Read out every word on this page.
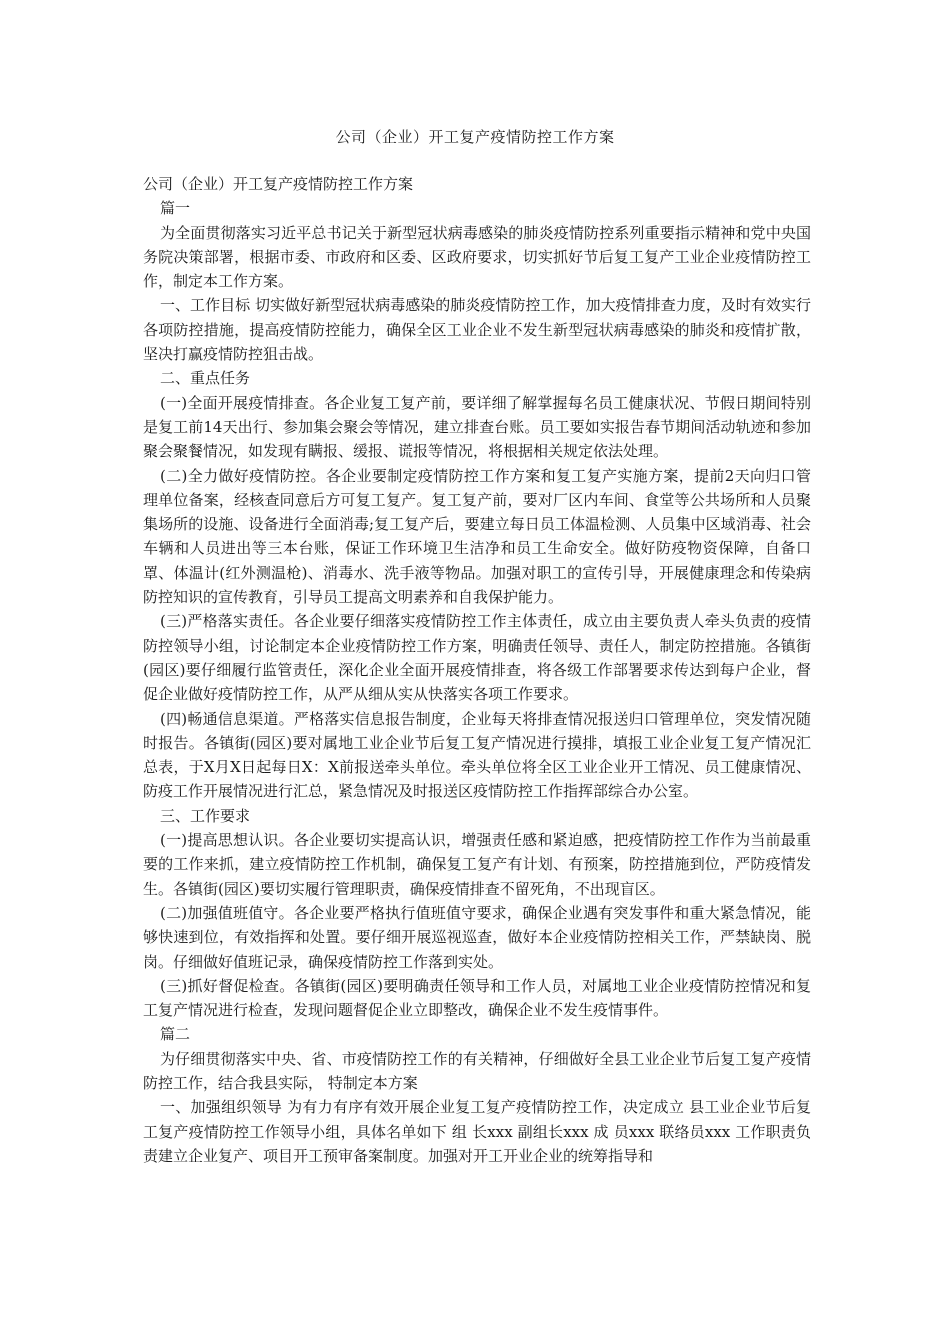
公司（企业）开工复产疫情防控工作方案

公司（企业）开工复产疫情防控工作方案

篇一

为全面贯彻落实习近平总书记关于新型冠状病毒感染的肺炎疫情防控系列重要指示精神和党中央国务院决策部署，根据市委、市政府和区委、区政府要求，切实抓好节后复工复产工业企业疫情防控工作，制定本工作方案。

一、工作目标 切实做好新型冠状病毒感染的肺炎疫情防控工作，加大疫情排查力度，及时有效实行各项防控措施，提高疫情防控能力，确保全区工业企业不发生新型冠状病毒感染的肺炎和疫情扩散，坚决打赢疫情防控狙击战。

二、重点任务

(一)全面开展疫情排查。各企业复工复产前，要详细了解掌握每名员工健康状况、节假日期间特别是复工前14天出行、参加集会聚会等情况，建立排查台账。员工要如实报告春节期间活动轨迹和参加聚会聚餐情况，如发现有瞒报、缓报、谎报等情况，将根据相关规定依法处理。

(二)全力做好疫情防控。各企业要制定疫情防控工作方案和复工复产实施方案，提前2天向归口管理单位备案，经核查同意后方可复工复产。复工复产前，要对厂区内车间、食堂等公共场所和人员聚集场所的设施、设备进行全面消毒;复工复产后，要建立每日员工体温检测、人员集中区域消毒、社会车辆和人员进出等三本台账，保证工作环境卫生洁净和员工生命安全。做好防疫物资保障，自备口罩、体温计(红外测温枪)、消毒水、洗手液等物品。加强对职工的宣传引导，开展健康理念和传染病防控知识的宣传教育，引导员工提高文明素养和自我保护能力。

(三)严格落实责任。各企业要仔细落实疫情防控工作主体责任，成立由主要负责人牵头负责的疫情防控领导小组，讨论制定本企业疫情防控工作方案，明确责任领导、责任人，制定防控措施。各镇街(园区)要仔细履行监管责任，深化企业全面开展疫情排查，将各级工作部署要求传达到每户企业，督促企业做好疫情防控工作，从严从细从实从快落实各项工作要求。

(四)畅通信息渠道。严格落实信息报告制度，企业每天将排查情况报送归口管理单位，突发情况随时报告。各镇街(园区)要对属地工业企业节后复工复产情况进行摸排，填报工业企业复工复产情况汇总表，于X月X日起每日X：X前报送牵头单位。牵头单位将全区工业企业开工情况、员工健康情况、防疫工作开展情况进行汇总，紧急情况及时报送区疫情防控工作指挥部综合办公室。

三、工作要求

(一)提高思想认识。各企业要切实提高认识，增强责任感和紧迫感，把疫情防控工作作为当前最重要的工作来抓，建立疫情防控工作机制，确保复工复产有计划、有预案，防控措施到位，严防疫情发生。各镇街(园区)要切实履行管理职责，确保疫情排查不留死角，不出现盲区。

(二)加强值班值守。各企业要严格执行值班值守要求，确保企业遇有突发事件和重大紧急情况，能够快速到位，有效指挥和处置。要仔细开展巡视巡查，做好本企业疫情防控相关工作，严禁缺岗、脱岗。仔细做好值班记录，确保疫情防控工作落到实处。

(三)抓好督促检查。各镇街(园区)要明确责任领导和工作人员，对属地工业企业疫情防控情况和复工复产情况进行检查，发现问题督促企业立即整改，确保企业不发生疫情事件。

篇二

为仔细贯彻落实中央、省、市疫情防控工作的有关精神，仔细做好全县工业企业节后复工复产疫情防控工作，结合我县实际， 特制定本方案

一、加强组织领导 为有力有序有效开展企业复工复产疫情防控工作，决定成立 县工业企业节后复工复产疫情防控工作领导小组，具体名单如下 组 长xxx 副组长xxx 成 员xxx 联络员xxx 工作职责负责建立企业复产、项目开工预审备案制度。加强对开工开业企业的统筹指导和
